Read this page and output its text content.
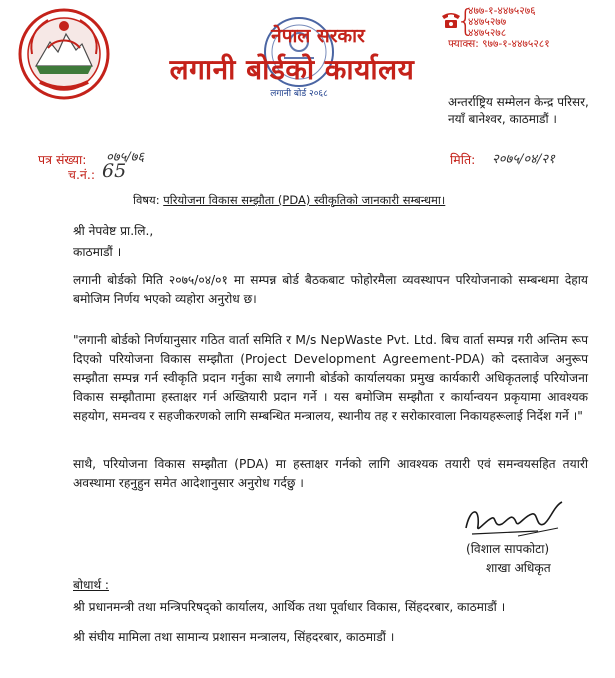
लगानी बोर्ड २०६८
नेपाल सरकार
लगानी बोर्डको कार्यालय
{
४७७-१-४४७५२७६
४४७५२७७
४४७५२७८
फ्याक्स: ९७७-१-४४७५२८१
अन्तर्राष्ट्रिय सम्मेलन केन्द्र परिसर,
नयाँ बानेश्वर, काठमाडौं ।
पत्र संख्या: ०७५/७६
च.नं.: 65
मिति: २०७५/०४/२१
विषय: परियोजना विकास सम्झौता (PDA) स्वीकृतिको जानकारी सम्बन्धमा।
श्री नेपवेष्ट प्रा.लि.,
काठमाडौं ।
लगानी बोर्डको मिति २०७५/०४/०१ मा सम्पन्न बोर्ड बैठकबाट फोहोरमैला व्यवस्थापन परियोजनाको सम्बन्धमा देहाय बमोजिम निर्णय भएको व्यहोरा अनुरोध छ।
"लगानी बोर्डको निर्णयानुसार गठित वार्ता समिति र M/s NepWaste Pvt. Ltd. बिच वार्ता सम्पन्न गरी अन्तिम रूप दिएको परियोजना विकास सम्झौता (Project Development Agreement-PDA) को दस्तावेज अनुरूप सम्झौता सम्पन्न गर्न स्वीकृति प्रदान गर्नुका साथै लगानी बोर्डको कार्यालयका प्रमुख कार्यकारी अधिकृतलाई परियोजना विकास सम्झौतामा हस्ताक्षर गर्न अख्तियारी प्रदान गर्ने । यस बमोजिम सम्झौता र कार्यान्वयन प्रकृयामा आवश्यक सहयोग, समन्वय र सहजीकरणको लागि सम्बन्धित मन्त्रालय, स्थानीय तह र सरोकारवाला निकायहरूलाई निर्देश गर्ने ।"
साथै, परियोजना विकास सम्झौता (PDA) मा हस्ताक्षर गर्नको लागि आवश्यक तयारी एवं समन्वयसहित तयारी अवस्थामा रहनुहुन समेत आदेशानुसार अनुरोध गर्दछु ।
(विशाल सापकोटा)
शाखा अधिकृत
बोधार्थ :
श्री प्रधानमन्त्री तथा मन्त्रिपरिषद्को कार्यालय, आर्थिक तथा पूर्वाधार विकास, सिंहदरबार, काठमाडौं ।
श्री संघीय मामिला तथा सामान्य प्रशासन मन्त्रालय, सिंहदरबार, काठमाडौं ।
